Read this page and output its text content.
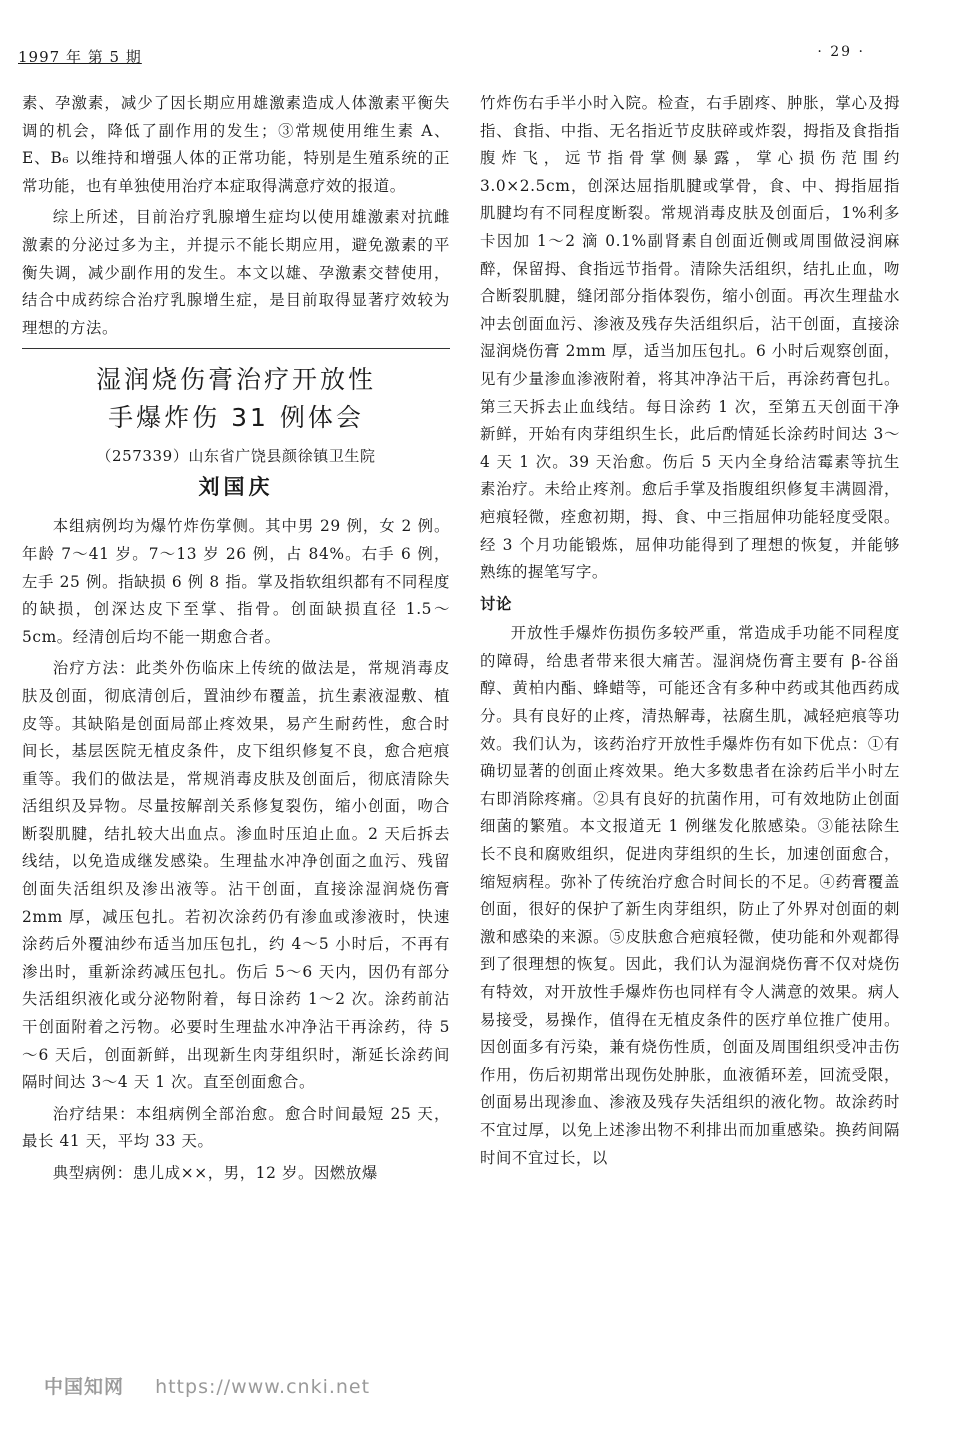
1997 年 第 5 期	· 29 ·

素、孕激素，减少了因长期应用雄激素造成人体激素平衡失调的机会，降低了副作用的发生；③常规使用维生素 A、E、B₆ 以维持和增强人体的正常功能，特别是生殖系统的正常功能，也有单独使用治疗本症取得满意疗效的报道。

综上所述，目前治疗乳腺增生症均以使用雄激素对抗雌激素的分泌过多为主，并提示不能长期应用，避免激素的平衡失调，减少副作用的发生。本文以雄、孕激素交替使用，结合中成药综合治疗乳腺增生症，是目前取得显著疗效较为理想的方法。

湿润烧伤膏治疗开放性
手爆炸伤 31 例体会
（257339）山东省广饶县颜徐镇卫生院
刘国庆

本组病例均为爆竹炸伤掌侧。其中男 29 例，女 2 例。年龄 7～41 岁。7～13 岁 26 例，占 84%。右手 6 例，左手 25 例。指缺损 6 例 8 指。掌及指软组织都有不同程度的缺损，创深达皮下至掌、指骨。创面缺损直径 1.5～5cm。经清创后均不能一期愈合者。

治疗方法：此类外伤临床上传统的做法是，常规消毒皮肤及创面，彻底清创后，置油纱布覆盖，抗生素液湿敷、植皮等。其缺陷是创面局部止疼效果，易产生耐药性，愈合时间长，基层医院无植皮条件，皮下组织修复不良，愈合疤痕重等。我们的做法是，常规消毒皮肤及创面后，彻底清除失活组织及异物。尽量按解剖关系修复裂伤，缩小创面，吻合断裂肌腱，结扎较大出血点。渗血时压迫止血。2 天后拆去线结，以免造成继发感染。生理盐水冲净创面之血污、残留创面失活组织及渗出液等。沾干创面，直接涂湿润烧伤膏 2mm 厚，减压包扎。若初次涂药仍有渗血或渗液时，快速涂药后外覆油纱布适当加压包扎，约 4～5 小时后，不再有渗出时，重新涂药减压包扎。伤后 5～6 天内，因仍有部分失活组织液化或分泌物附着，每日涂药 1～2 次。涂药前沾干创面附着之污物。必要时生理盐水冲净沾干再涂药，待 5～6 天后，创面新鲜，出现新生肉芽组织时，渐延长涂药间隔时间达 3～4 天 1 次。直至创面愈合。

治疗结果：本组病例全部治愈。愈合时间最短 25 天，最长 41 天，平均 33 天。

典型病例：患儿成××，男，12 岁。因燃放爆

竹炸伤右手半小时入院。检查，右手剧疼、肿胀，掌心及拇指、食指、中指、无名指近节皮肤碎或炸裂，拇指及食指指腹炸飞，远节指骨掌侧暴露，掌心损伤范围约 3.0×2.5cm，创深达屈指肌腱或掌骨，食、中、拇指屈指肌腱均有不同程度断裂。常规消毒皮肤及创面后，1%利多卡因加 1～2 滴 0.1%副肾素自创面近侧或周围做浸润麻醉，保留拇、食指远节指骨。清除失活组织，结扎止血，吻合断裂肌腱，缝闭部分指体裂伤，缩小创面。再次生理盐水冲去创面血污、渗液及残存失活组织后，沾干创面，直接涂湿润烧伤膏 2mm 厚，适当加压包扎。6 小时后观察创面，见有少量渗血渗液附着，将其冲净沾干后，再涂药膏包扎。第三天拆去止血线结。每日涂药 1 次，至第五天创面干净新鲜，开始有肉芽组织生长，此后酌情延长涂药时间达 3～4 天 1 次。39 天治愈。伤后 5 天内全身给洁霉素等抗生素治疗。未给止疼剂。愈后手掌及指腹组织修复丰满圆滑，疤痕轻微，痊愈初期，拇、食、中三指屈伸功能轻度受限。经 3 个月功能锻炼，屈伸功能得到了理想的恢复，并能够熟练的握笔写字。

讨论

开放性手爆炸伤损伤多较严重，常造成手功能不同程度的障碍，给患者带来很大痛苦。湿润烧伤膏主要有 β-谷甾醇、黄柏内酯、蜂蜡等，可能还含有多种中药或其他西药成分。具有良好的止疼，清热解毒，祛腐生肌，减轻疤痕等功效。我们认为，该药治疗开放性手爆炸伤有如下优点：①有确切显著的创面止疼效果。绝大多数患者在涂药后半小时左右即消除疼痛。②具有良好的抗菌作用，可有效地防止创面细菌的繁殖。本文报道无 1 例继发化脓感染。③能祛除生长不良和腐败组织，促进肉芽组织的生长，加速创面愈合，缩短病程。弥补了传统治疗愈合时间长的不足。④药膏覆盖创面，很好的保护了新生肉芽组织，防止了外界对创面的刺激和感染的来源。⑤皮肤愈合疤痕轻微，使功能和外观都得到了很理想的恢复。因此，我们认为湿润烧伤膏不仅对烧伤有特效，对开放性手爆炸伤也同样有令人满意的效果。病人易接受，易操作，值得在无植皮条件的医疗单位推广使用。因创面多有污染，兼有烧伤性质，创面及周围组织受冲击伤作用，伤后初期常出现伤处肿胀，血液循环差，回流受限，创面易出现渗血、渗液及残存失活组织的液化物。故涂药时不宜过厚，以免上述渗出物不利排出而加重感染。换药间隔时间不宜过长，以

中国知网 https://www.cnki.net
